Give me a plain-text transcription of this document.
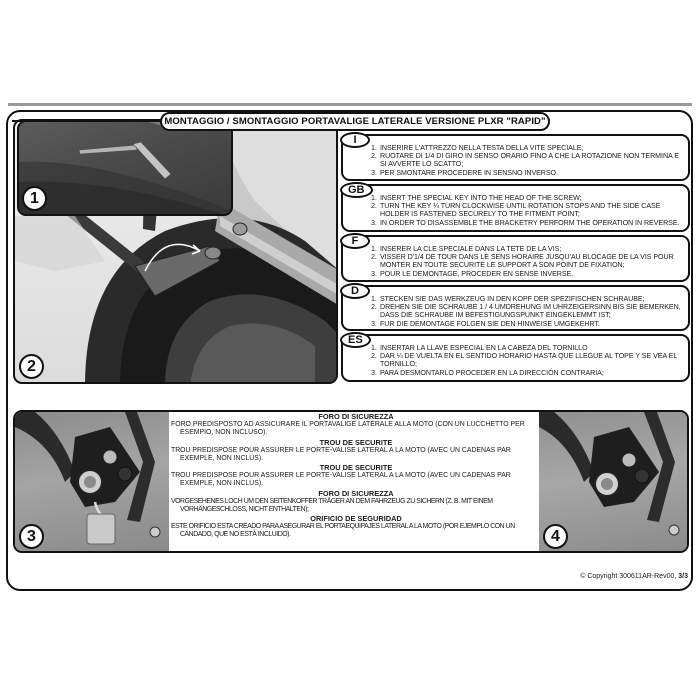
MONTAGGIO / SMONTAGGIO PORTAVALIGE LATERALE VERSIONE PLXR "RAPID"
2
1
I
1. INSERIRE L'ATTREZZO NELLA TESTA DELLA VITE SPECIALE;
2. RUOTARE DI 1/4 DI GIRO IN SENSO ORARIO FINO A CHE LA ROTAZIONE NON TERMINA E SI AVVERTE LO SCATTO;
3. PER SMONTARE PROCEDERE IN SENSNO INVERSO.
GB
1. INSERT THE SPECIAL KEY INTO THE HEAD OF THE SCREW;
2. TURN THE KEY ¼ TURN CLOCKWISE UNTIL ROTATION STOPS AND THE SIDE CASE HOLDER IS FASTENED SECURELY TO THE FITMENT POINT;
3. IN ORDER TO DISASSEMBLE THE BRACKETRY PERFORM THE OPERATION IN REVERSE.
F
1. INSERER LA CLE SPECIALE DANS LA TETE DE LA VIS;
2. VISSER D'1/4 DE TOUR DANS LE SENS HORAIRE JUSQU'AU BLOCAGE DE LA VIS POUR MONTER EN TOUTE SECURITE LE SUPPORT A SON POINT DE FIXATION;
3. POUR LE DEMONTAGE, PROCEDER EN SENSE INVERSE.
D
1. STECKEN SIE DAS WERKZEUG IN DEN KOPF DER SPEZIFISCHEN SCHRAUBE;
2. DREHEN SIE DIE SCHRAUBE 1 / 4 UMDREHUNG IM UHRZEIGERSINN BIS SIE BEMERKEN, DASS DIE SCHRAUBE IM BEFESTIGUNGSPUNKT EINGEKLEMMT IST;
3. FUR DIE DEMONTAGE FOLGEN SIE DEN HINWEISE UMGEKEHRT.
ES
1. INSERTAR LA LLAVE ESPECIAL EN LA CABEZA DEL TORNILLO
2. DAR ¼ DE VUELTA EN EL SENTIDO HORARIO HASTA QUE LLEGUE AL TOPE Y SE VEA EL TORNILLO;
3. PARA DESMONTARLO PROCEDER EN LA DIRECCIÓN CONTRARIA;
3
FORO DI SICUREZZA
FORO PREDISPOSTO AD ASSICURARE IL PORTAVALIGE LATERALE ALLA MOTO (CON UN LUCCHETTO PER ESEMPIO, NON INCLUSO).
TROU DE SECURITE
TROU PREDISPOSE POUR ASSURER LE PORTE-VALISE LATERAL A LA MOTO (AVEC UN CADENAS PAR EXEMPLE, NON INCLUS).
TROU DE SECURITE
TROU PREDISPOSE POUR ASSURER LE PORTE-VALISE LATERAL A LA MOTO (AVEC UN CADENAS PAR EXEMPLE, NON INCLUS).
FORO DI SICUREZZA
VORGESEHENES LOCH UM DEN SEITENKOFFER TRÄGER AN DEM FAHRZEUG ZU SICHERN (Z. B. MIT EINEM VORHÄNGESCHLOSS, NICHT ENTHALTEN);
ORIFICIO DE SEGURIDAD
ESTE ORIFICIO ESTA CREADO PARA ASEGURAR EL PORTAEQUIPAJES LATERAL A LA MOTO (POR EJEMPLO CON UN CANDADO, QUE NO ESTÁ INCLUIDO).	4
© Copyright 300611AR-Rev00, 3/3
